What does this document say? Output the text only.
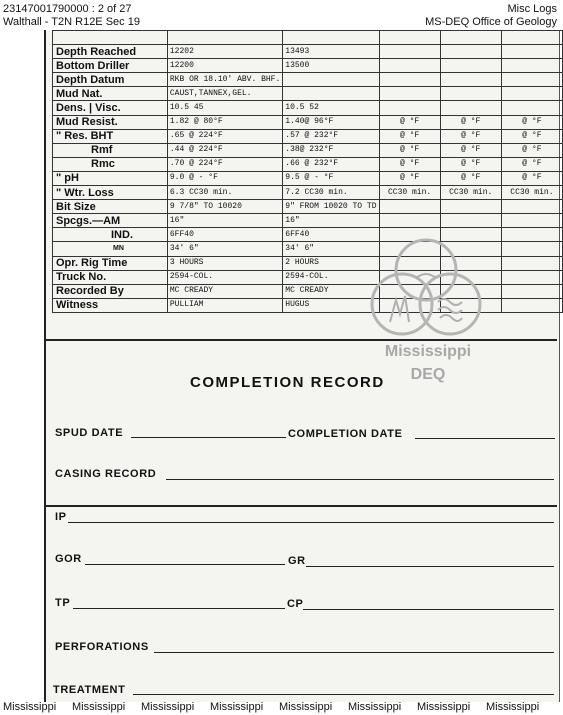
23147001790000 : 2 of 27
Walthall - T2N R12E Sec 19
Misc Logs
MS-DEQ Office of Geology

Depth Reached	12202	13493			
Bottom Driller	12200	13500			
Depth Datum	RKB OR 18.10' ABV. BHF.				
Mud Nat.	CAUST,TANNEX,GEL.				
Dens. | Visc.	10.5 45	10.5 52			
Mud Resist.	1.82 @ 80°F	1.40@ 96°F	@ °F	@ °F	@ °F
" Res. BHT	.65 @ 224°F	.57 @ 232°F	@ °F	@ °F	@ °F
Rmf	.44 @ 224°F	.38@ 232°F	@ °F	@ °F	@ °F
Rmc	.70 @ 224°F	.66 @ 232°F	@ °F	@ °F	@ °F
" pH	9.0 @ - °F	9.5 @ - °F	@ °F	@ °F	@ °F
" Wtr. Loss	6.3 CC30 min.	7.2 CC30 min.	CC30 min.	CC30 min.	CC30 min.
Bit Size	9 7/8" TO 10020	9" FROM 10020 TO TD			
Spcgs.—AM	16"	16"			
IND.	6FF40	6FF40			
MN	34' 6"	34' 6"			
Opr. Rig Time	3 HOURS	2 HOURS			
Truck No.	2594-COL.	2594-COL.			
Recorded By	MC CREADY	MC CREADY			
Witness	PULLIAM	HUGUS			
Mississippi
DEQ
COMPLETION RECORD
SPUD DATE	COMPLETION DATE
CASING RECORD
IP
GOR	GR
TP	CP
PERFORATIONS
TREATMENT
Mississippi Mississippi Mississippi Mississippi Mississippi Mississippi Mississippi Mississippi
